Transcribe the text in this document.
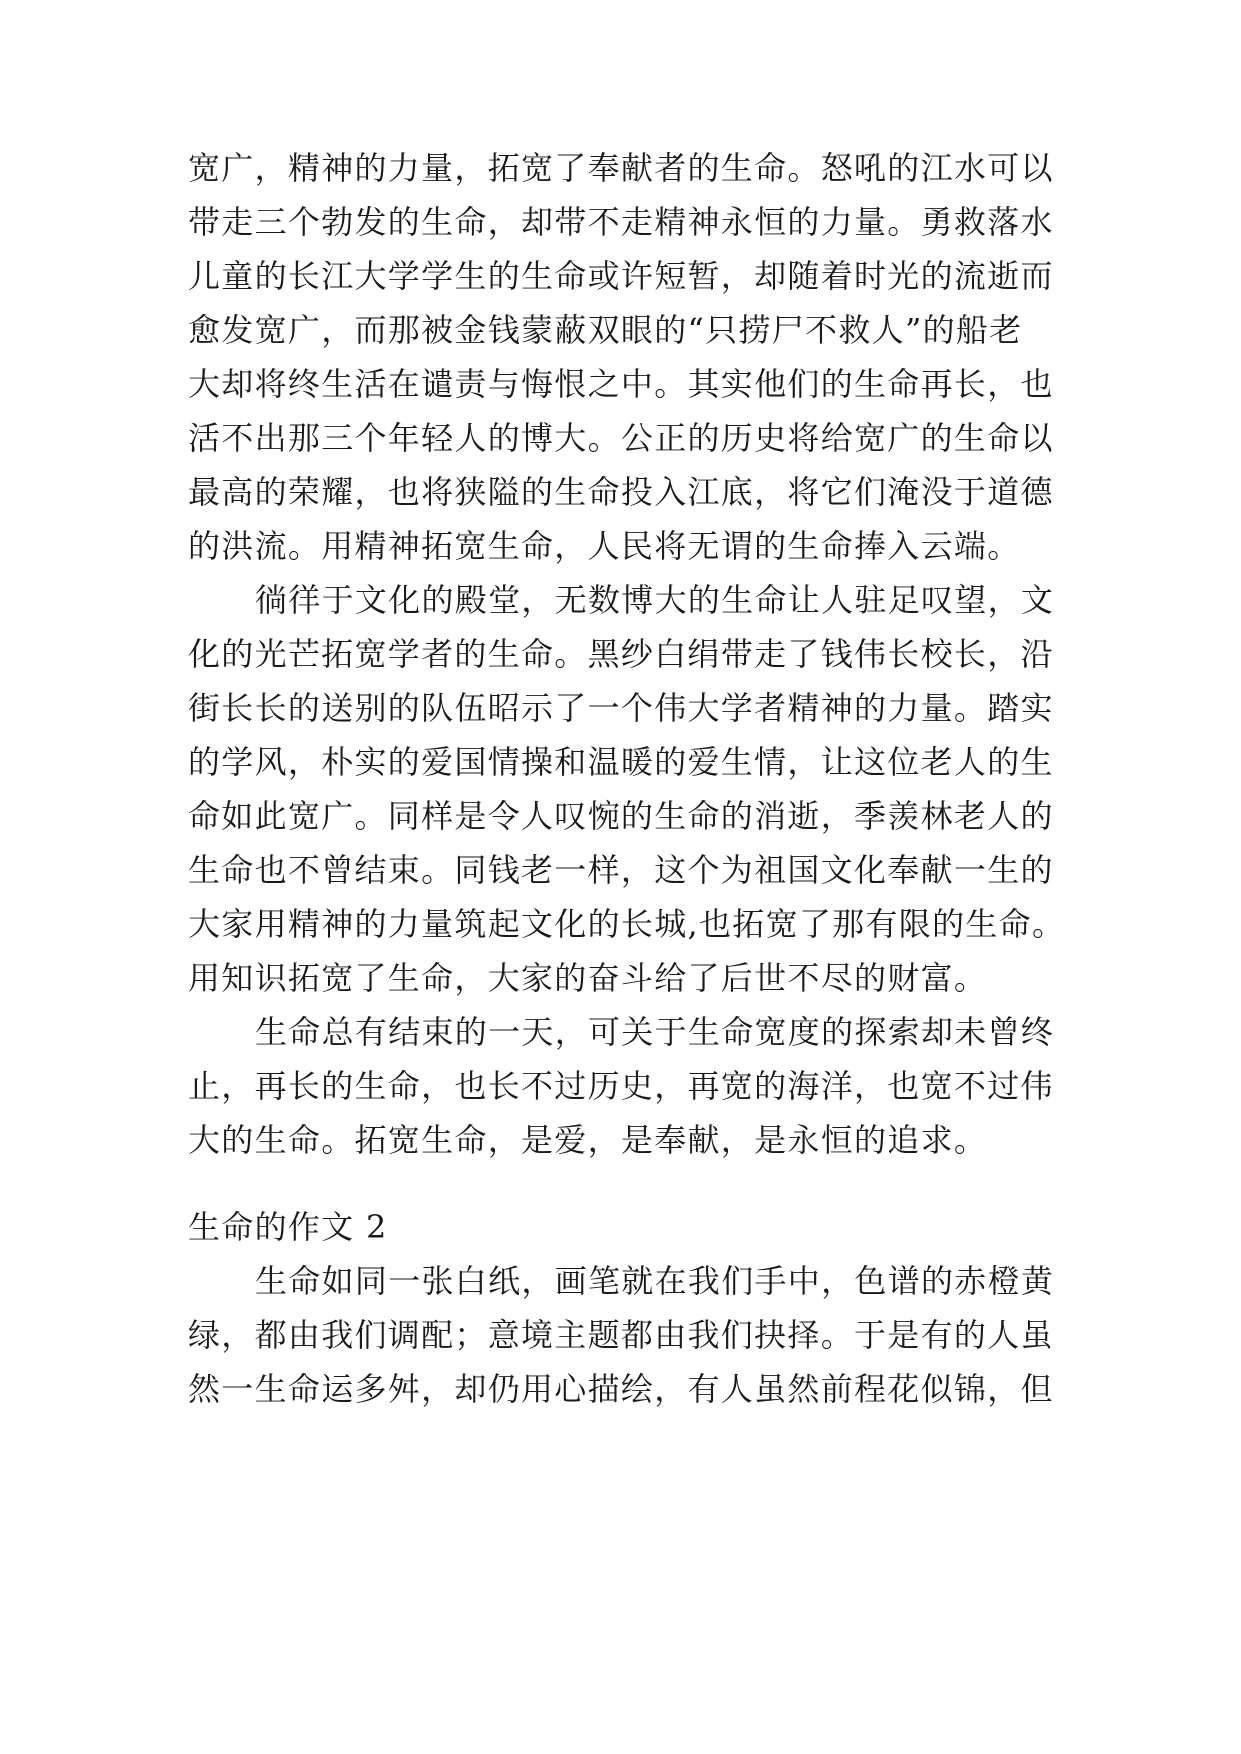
宽广，精神的力量，拓宽了奉献者的生命。怒吼的江水可以
带走三个勃发的生命，却带不走精神永恒的力量。勇救落水
儿童的长江大学学生的生命或许短暂，却随着时光的流逝而
愈发宽广，而那被金钱蒙蔽双眼的“只捞尸不救人”的船老
大却将终生活在谴责与悔恨之中。其实他们的生命再长，也
活不出那三个年轻人的博大。公正的历史将给宽广的生命以
最高的荣耀，也将狭隘的生命投入江底，将它们淹没于道德
的洪流。用精神拓宽生命，人民将无谓的生命捧入云端。
徜徉于文化的殿堂，无数博大的生命让人驻足叹望，文
化的光芒拓宽学者的生命。黑纱白绢带走了钱伟长校长，沿
街长长的送别的队伍昭示了一个伟大学者精神的力量。踏实
的学风，朴实的爱国情操和温暖的爱生情，让这位老人的生
命如此宽广。同样是令人叹惋的生命的消逝，季羡林老人的
生命也不曾结束。同钱老一样，这个为祖国文化奉献一生的
大家用精神的力量筑起文化的长城,也拓宽了那有限的生命。
用知识拓宽了生命，大家的奋斗给了后世不尽的财富。
生命总有结束的一天，可关于生命宽度的探索却未曾终
止，再长的生命，也长不过历史，再宽的海洋，也宽不过伟
大的生命。拓宽生命，是爱，是奉献，是永恒的追求。
生命的作文 2
生命如同一张白纸，画笔就在我们手中，色谱的赤橙黄
绿，都由我们调配；意境主题都由我们抉择。于是有的人虽
然一生命运多舛，却仍用心描绘，有人虽然前程花似锦，但
